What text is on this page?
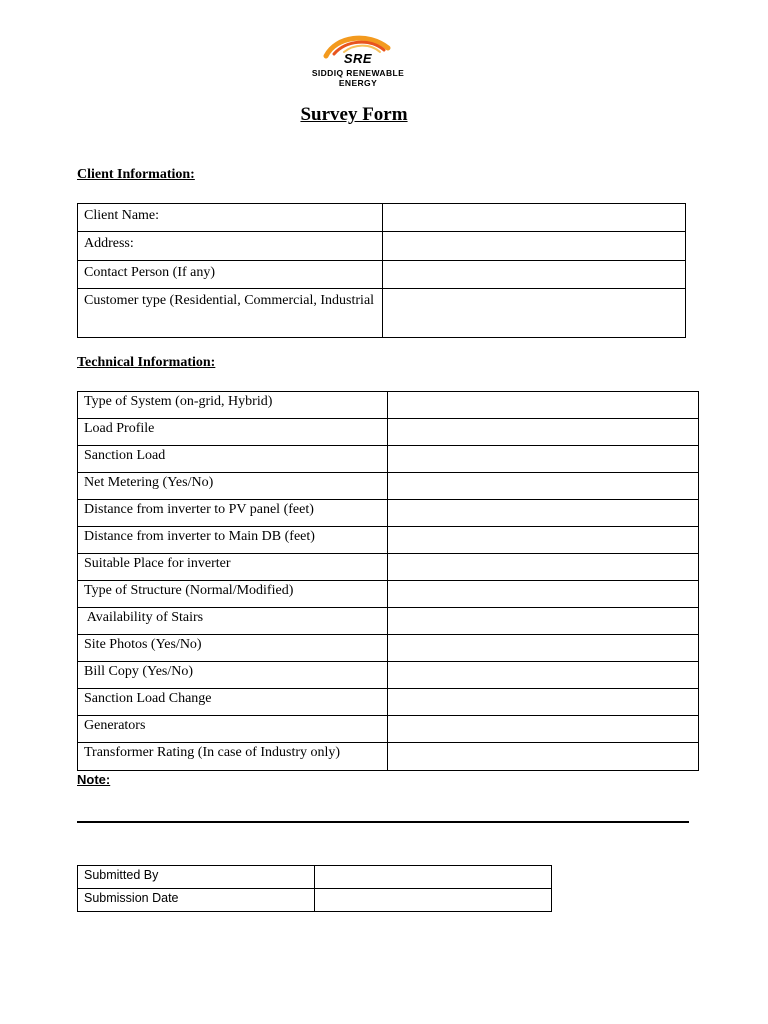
SRE
SIDDIQ RENEWABLE
ENERGY
Survey Form
Client Information:
Client Name:	
Address:	
Contact Person (If any)	
Customer type (Residential, Commercial, Industrial	
Technical Information:
Type of System (on-grid, Hybrid)	
Load Profile	
Sanction Load	
Net Metering (Yes/No)	
Distance from inverter to PV panel (feet)	
Distance from inverter to Main DB (feet)	
Suitable Place for inverter	
Type of Structure (Normal/Modified)	
Availability of Stairs	
Site Photos (Yes/No)	
Bill Copy (Yes/No)	
Sanction Load Change	
Generators	
Transformer Rating (In case of Industry only)	
Note:
Submitted By	
Submission Date	
